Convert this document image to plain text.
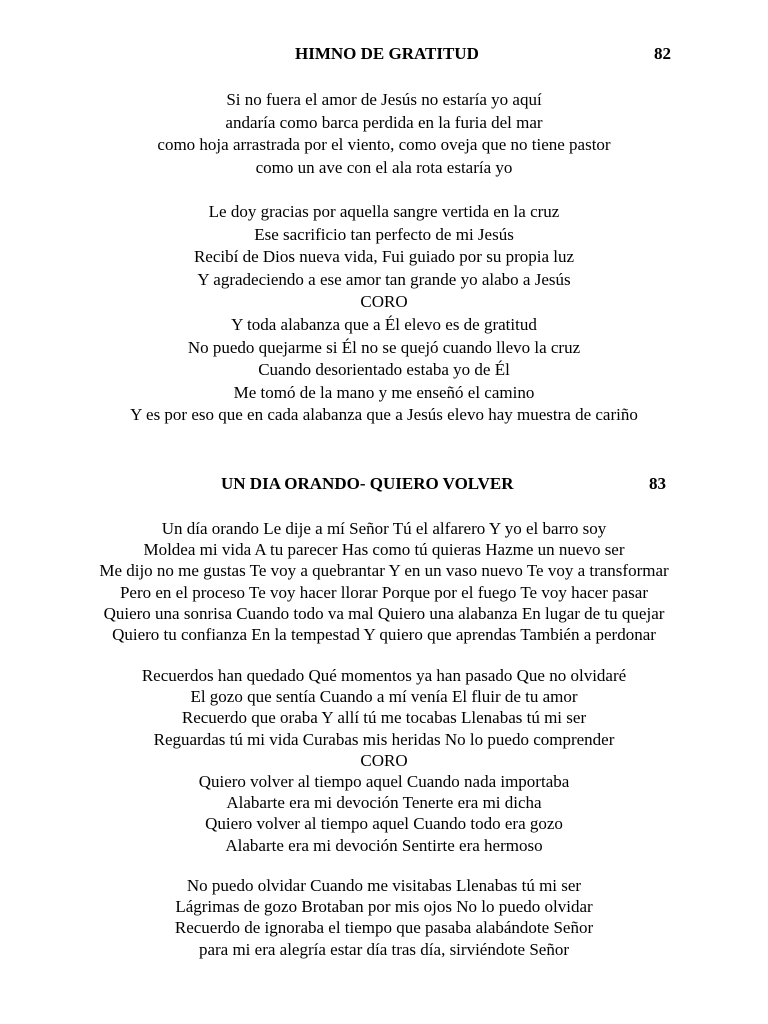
HIMNO DE GRATITUD	82
Si no fuera el amor de Jesús no estaría yo aquí
andaría como barca perdida en la furia del mar
como hoja arrastrada por el viento, como oveja que no tiene pastor
como un ave con el ala rota estaría yo
Le doy gracias por aquella sangre vertida en la cruz
Ese sacrificio tan perfecto de mi Jesús
Recibí de Dios nueva vida, Fui guiado por su propia luz
Y agradeciendo a ese amor tan grande yo alabo a Jesús
CORO
Y toda alabanza que a Él elevo es de gratitud
No puedo quejarme si Él no se quejó cuando llevo la cruz
Cuando desorientado estaba yo de Él
Me tomó de la mano y me enseñó el camino
Y es por eso que en cada alabanza que a Jesús elevo hay muestra de cariño
UN DIA ORANDO- QUIERO VOLVER	83
Un día orando Le dije a mí Señor Tú el alfarero Y yo el barro soy
Moldea mi vida A tu parecer Has como tú quieras Hazme un nuevo ser
Me dijo no me gustas Te voy a quebrantar Y en un vaso nuevo Te voy a transformar
Pero en el proceso Te voy hacer llorar Porque por el fuego Te voy hacer pasar
Quiero una sonrisa Cuando todo va mal Quiero una alabanza En lugar de tu quejar
Quiero tu confianza En la tempestad Y quiero que aprendas También a perdonar
Recuerdos han quedado Qué momentos ya han pasado Que no olvidaré
El gozo que sentía Cuando a mí venía El fluir de tu amor
Recuerdo que oraba Y allí tú me tocabas Llenabas tú mi ser
Reguardas tú mi vida Curabas mis heridas No lo puedo comprender
CORO
Quiero volver al tiempo aquel Cuando nada importaba
Alabarte era mi devoción Tenerte era mi dicha
Quiero volver al tiempo aquel Cuando todo era gozo
Alabarte era mi devoción Sentirte era hermoso
No puedo olvidar Cuando me visitabas Llenabas tú mi ser
Lágrimas de gozo Brotaban por mis ojos No lo puedo olvidar
Recuerdo de ignoraba el tiempo que pasaba alabándote Señor
para mi era alegría estar día tras día, sirviéndote Señor
